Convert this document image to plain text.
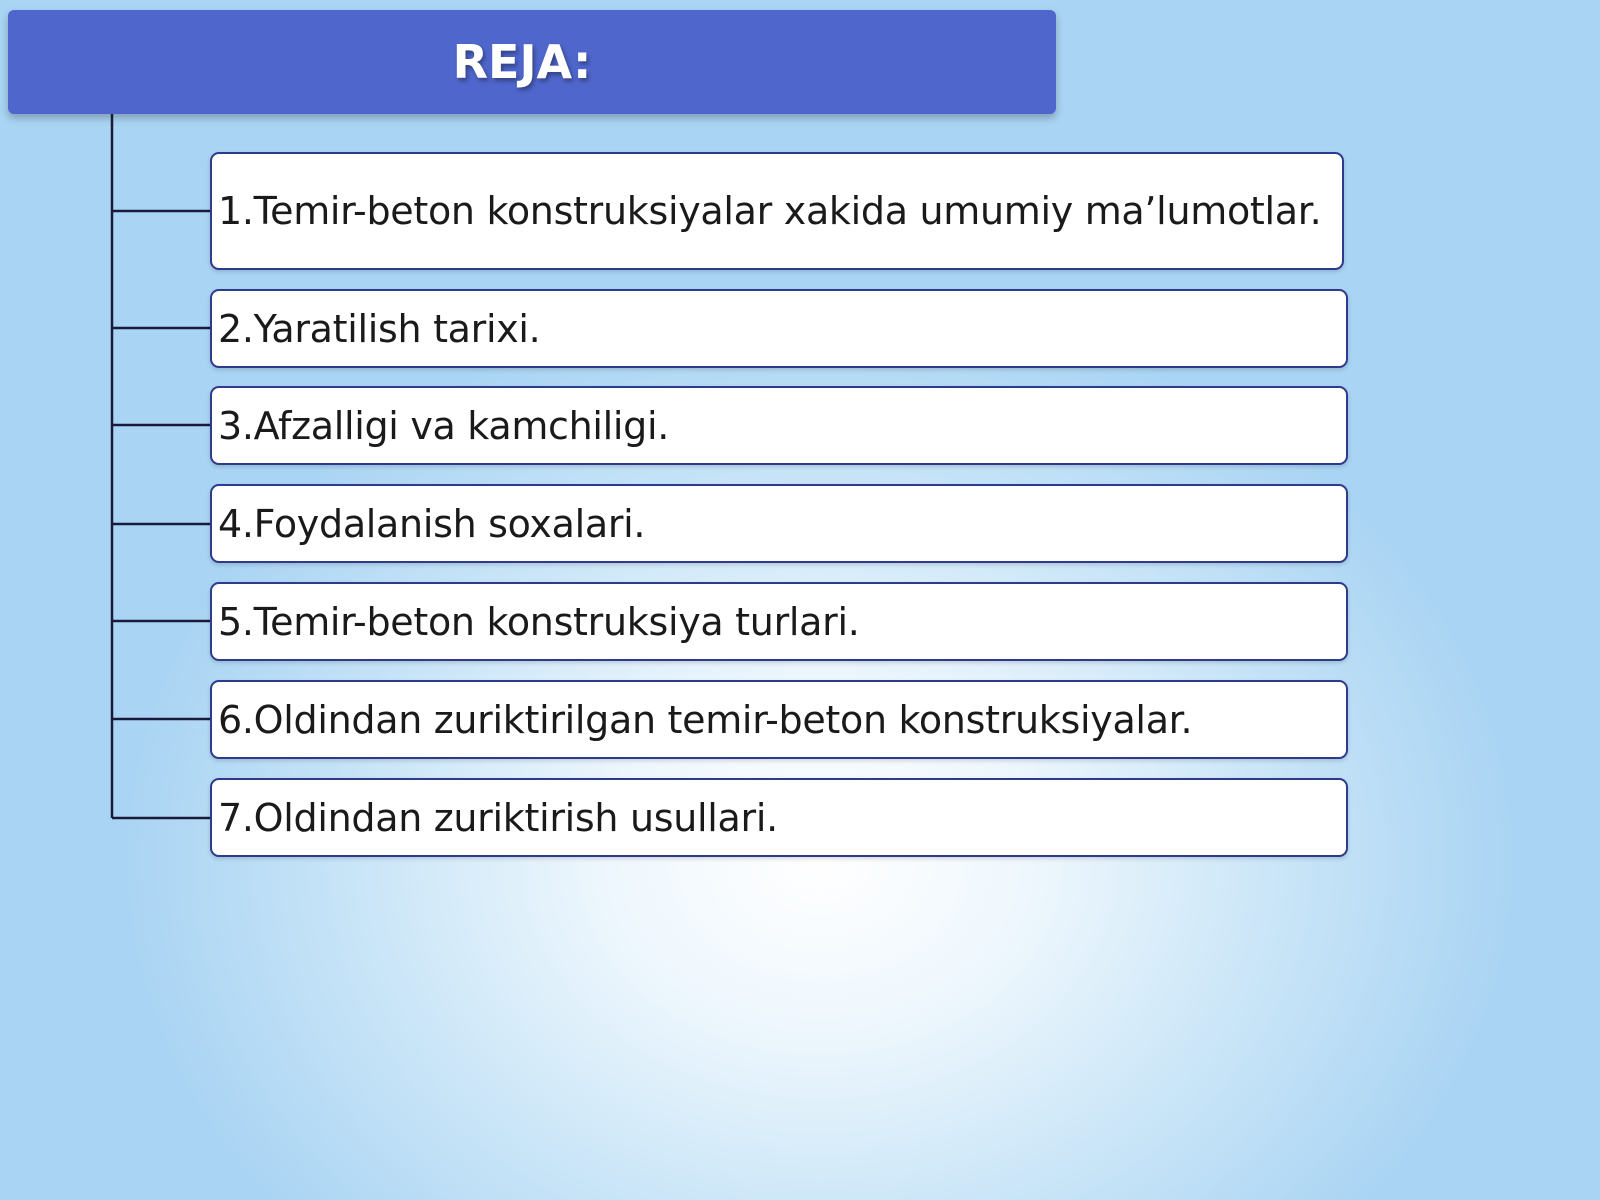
REJA:
1.Temir-beton konstruksiyalar xakida umumiy ma’lumotlar.
2.Yaratilish tarixi.
3.Afzalligi va kamchiligi.
4.Foydalanish soxalari.
5.Temir-beton konstruksiya turlari.
6.Oldindan zuriktirilgan temir-beton konstruksiyalar.
7.Oldindan zuriktirish usullari.
